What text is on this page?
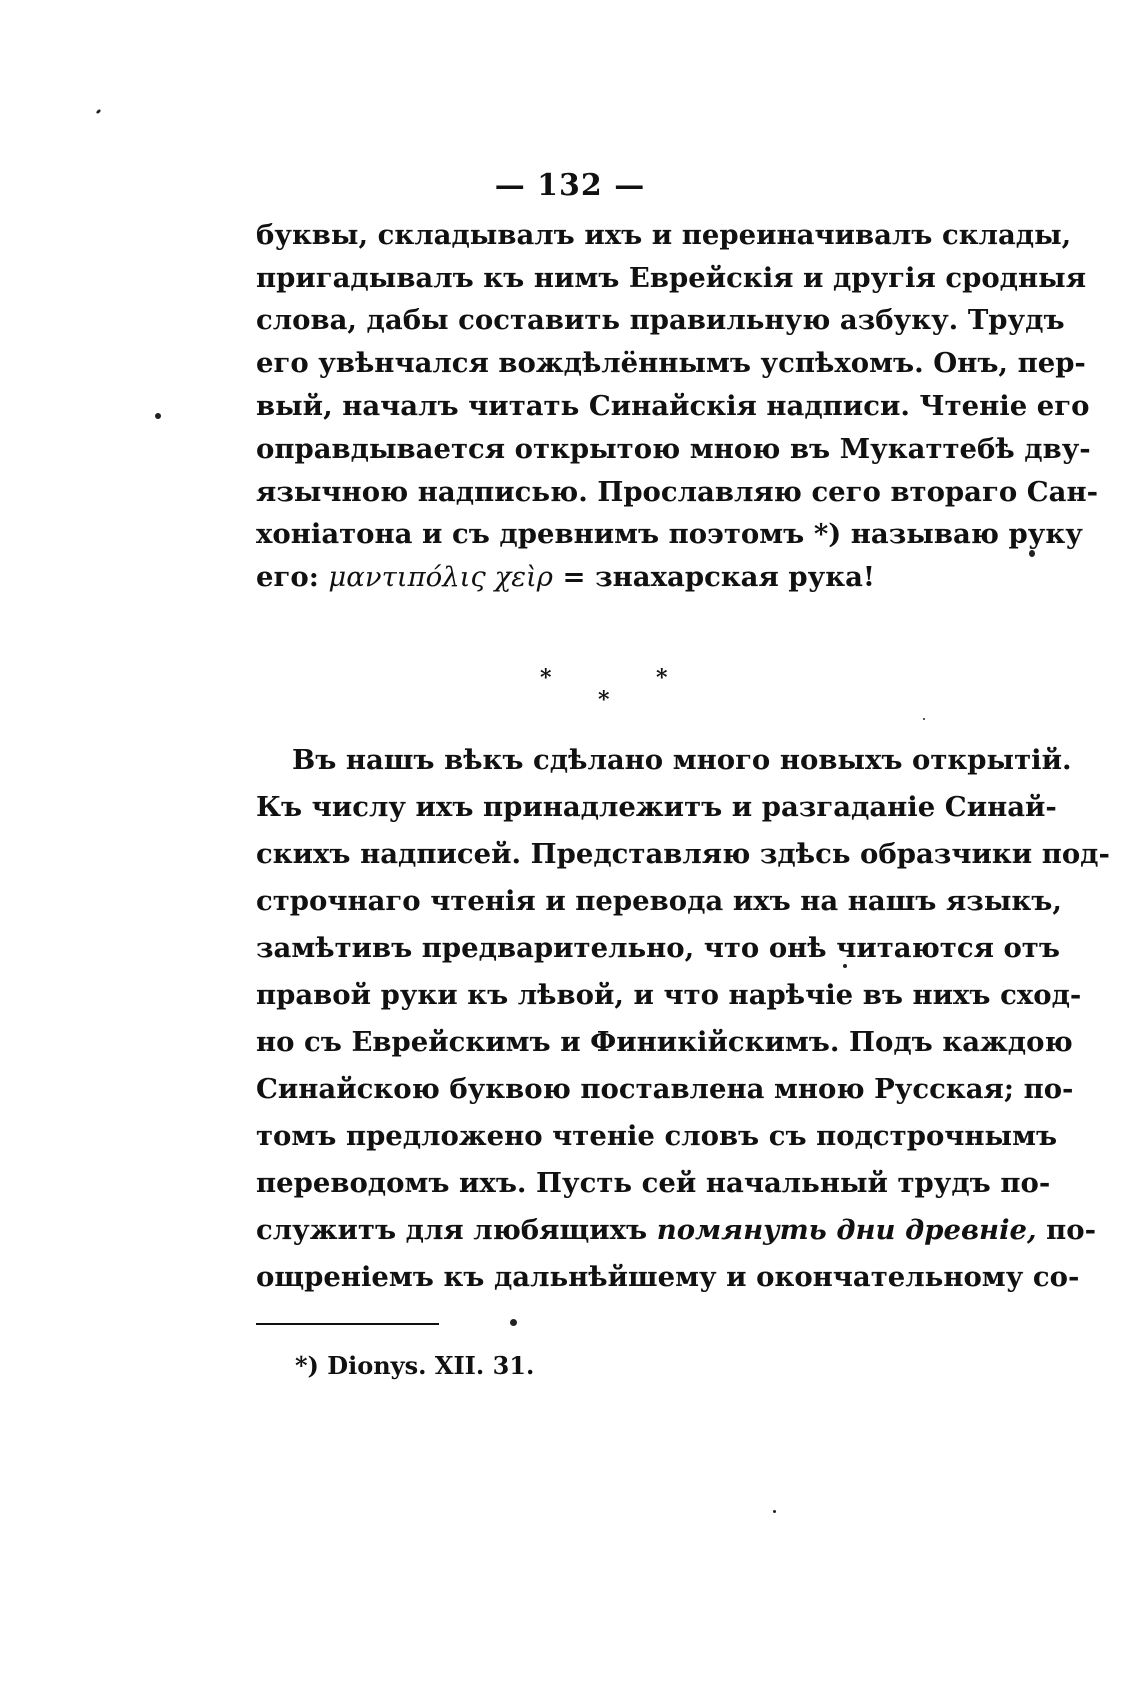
— 132 —
буквы, складывалъ ихъ и переиначивалъ склады,
пригадывалъ къ нимъ Еврейскія и другія сродныя
слова, дабы составить правильную азбуку. Трудъ
его увѣнчался вождѣлённымъ успѣхомъ. Онъ, пер-
вый, началъ читать Синайскія надписи. Чтеніе его
оправдывается открытою мною въ Мукаттебѣ дву-
язычною надписью. Прославляю сего втораго Сан-
хоніатона и съ древнимъ поэтомъ *) называю руку
его: μαντιπόλις χεὶρ = знахарская рука!
*	*
*
Въ нашъ вѣкъ сдѣлано много новыхъ открытій.
Къ числу ихъ принадлежитъ и разгаданіе Синай-
скихъ надписей. Представляю здѣсь образчики под-
строчнаго чтенія и перевода ихъ на нашъ языкъ,
замѣтивъ предварительно, что онѣ читаются отъ
правой руки къ лѣвой, и что нарѣчіе въ нихъ сход-
но съ Еврейскимъ и Финикійскимъ. Подъ каждою
Синайскою буквою поставлена мною Русская; по-
томъ предложено чтеніе словъ съ подстрочнымъ
переводомъ ихъ. Пусть сей начальный трудъ по-
служитъ для любящихъ помянуть дни древніе, по-
ощреніемъ къ дальнѣйшему и окончательному со-
*) Dionys. XII. 31.
